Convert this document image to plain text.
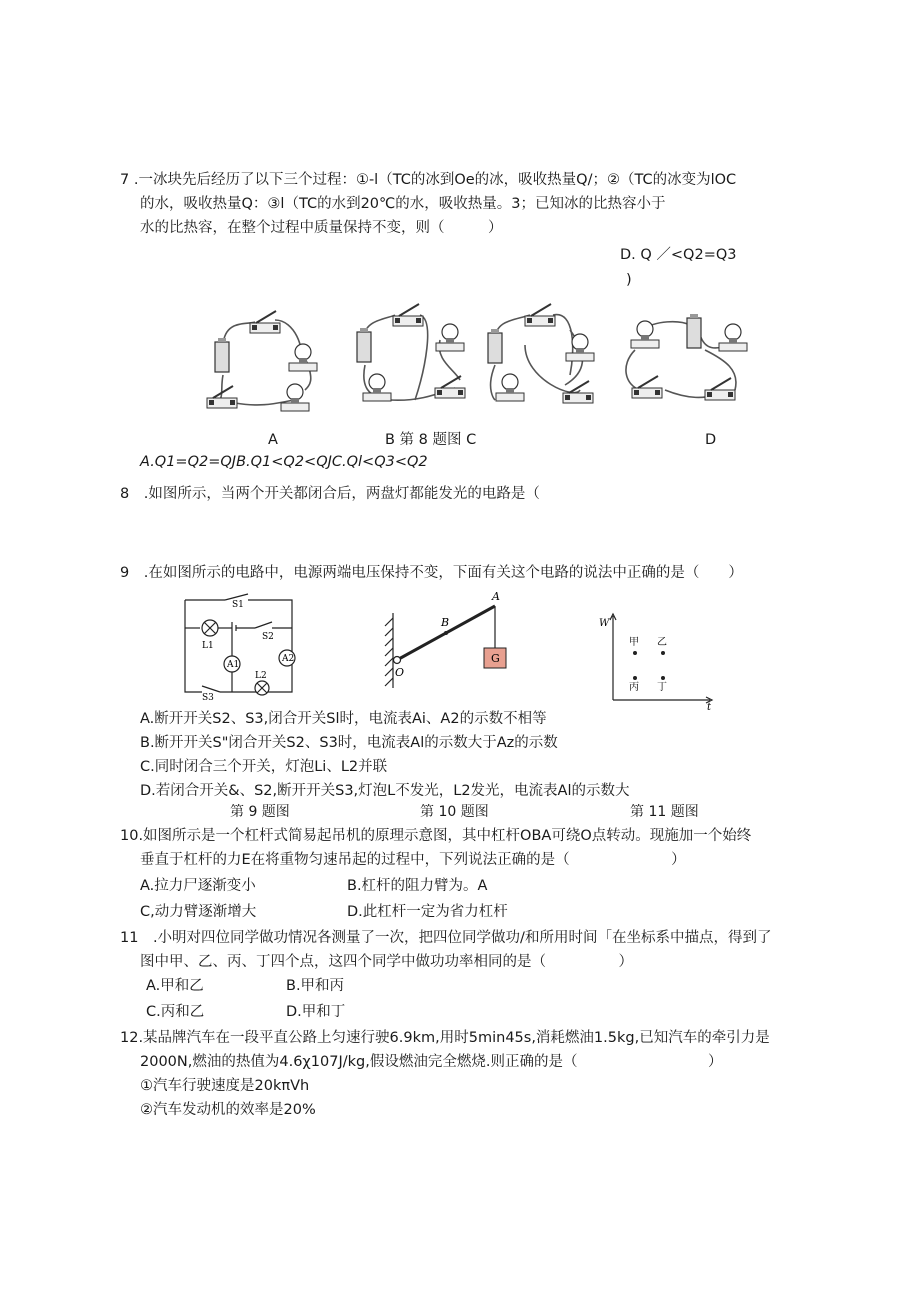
7 .一冰块先后经历了以下三个过程：①-l（TC的冰到Oe的冰，吸收热量Q/；②（TC的冰变为lOC
的水，吸收热量Q：③l（TC的水到20℃的水，吸收热量。3；已知冰的比热容小于
水的比热容，在整个过程中质量保持不变，则（　　　）
D. Q ／<Q2=Q3
)
A	B 第 8 题图 C	D
A.Q1=Q2=QJB.Q1<Q2<QJC.Ql<Q3<Q2
8　.如图所示，当两个开关都闭合后，两盘灯都能发光的电路是（
9　.在如图所示的电路中，电源两端电压保持不变，下面有关这个电路的说法中正确的是（　　）
S1
S2
S3
L1
L2
A1
A2
A
B
O
G
W
t
甲 乙
丙 丁
A.断开开关S2、S3,闭合开关Sl时，电流表Ai、A2的示数不相等
B.断开开关S"闭合开关S2、S3时，电流表Al的示数大于Az的示数
C.同时闭合三个开关，灯泡Li、L2并联
D.若闭合开关&、S2,断开开关S3,灯泡L不发光，L2发光，电流表Al的示数大
第 9 题图	第 10 题图	第 11 题图
10.如图所示是一个杠杆式简易起吊机的原理示意图，其中杠杆OBA可绕O点转动。现施加一个始终
垂直于杠杆的力E在将重物匀速吊起的过程中，下列说法正确的是（　　　　　　　）
A.拉力尸逐渐变小	B.杠杆的阻力臂为。A
C,动力臂逐渐增大	D.此杠杆一定为省力杠杆
11　.小明对四位同学做功情况各测量了一次，把四位同学做功/和所用时间「在坐标系中描点，得到了
图中甲、乙、丙、丁四个点，这四个同学中做功功率相同的是（　　　　　）
A.甲和乙	B.甲和丙
C.丙和乙	D.甲和丁
12.某品牌汽车在一段平直公路上匀速行驶6.9km,用时5min45s,消耗燃油1.5kg,已知汽车的牵引力是
2000N,燃油的热值为4.6χ107J∕kg,假设燃油完全燃烧.则正确的是（　　　　　　　　　）
①汽车行驶速度是20kπVh
②汽车发动机的效率是20%
